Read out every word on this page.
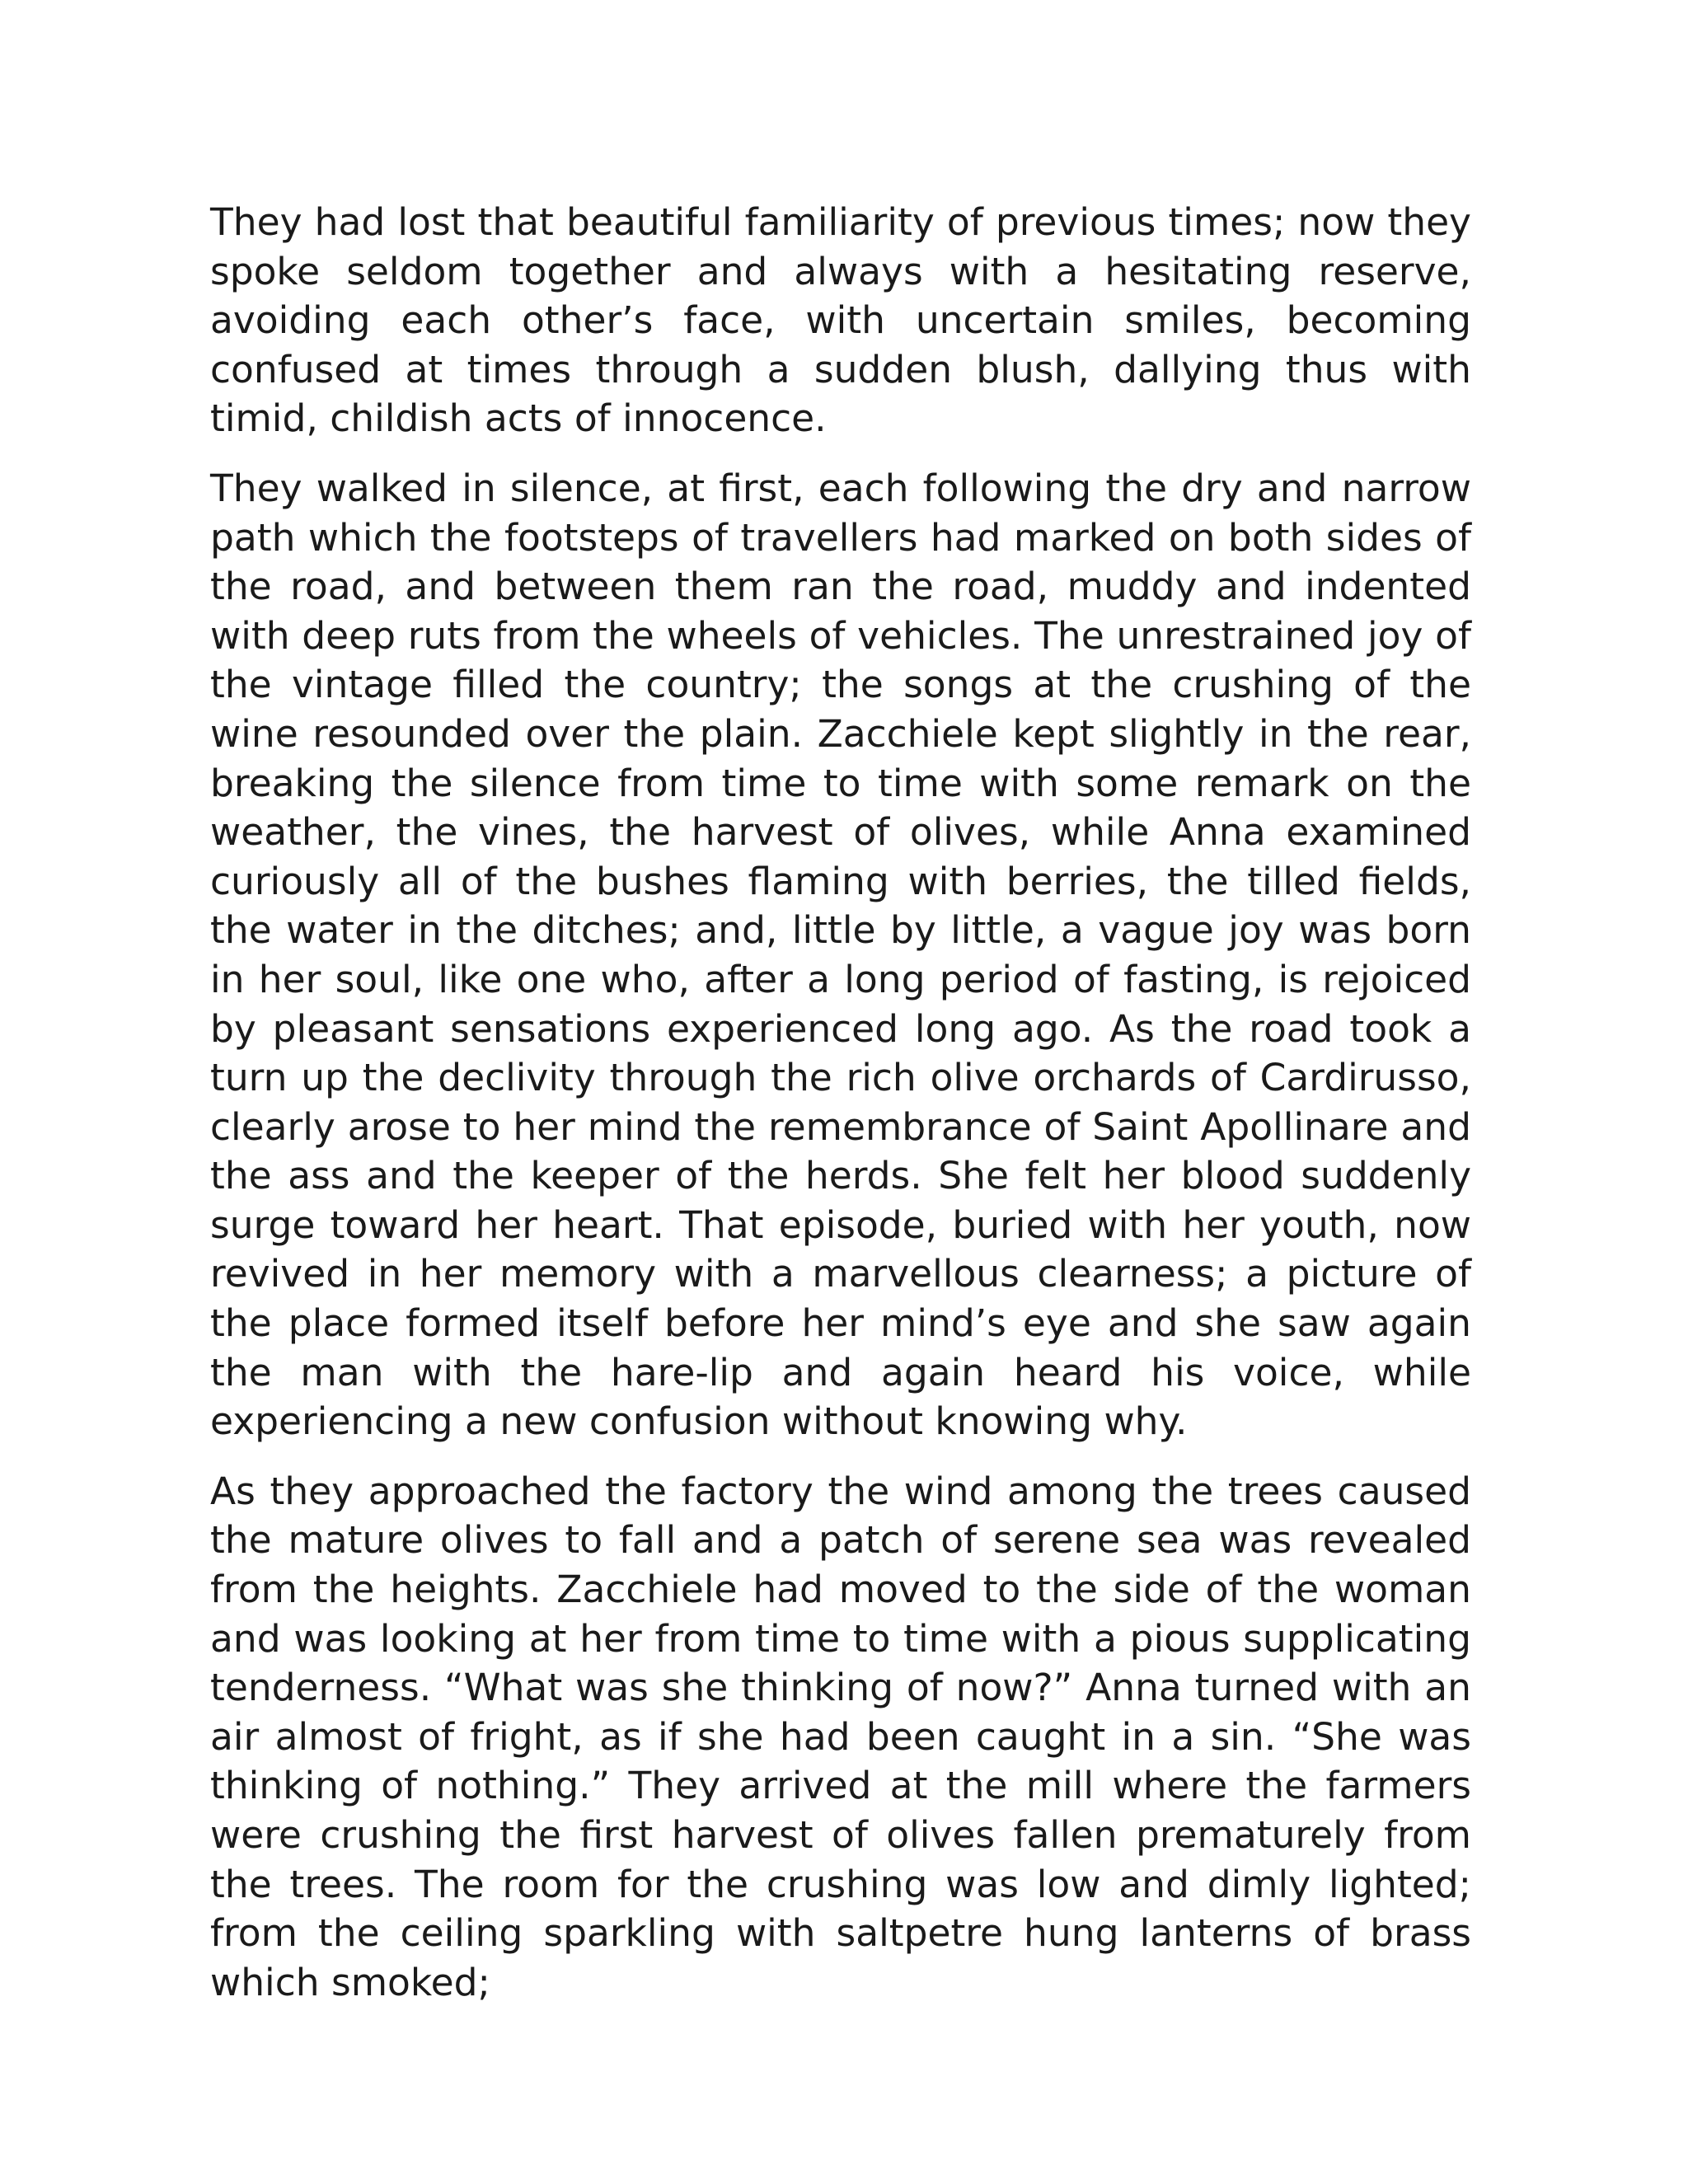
They had lost that beautiful familiarity of previous times; now they spoke seldom together and always with a hesitating reserve, avoiding each other’s face, with uncertain smiles, becoming confused at times through a sudden blush, dallying thus with timid, childish acts of innocence.

They walked in silence, at first, each following the dry and narrow path which the footsteps of travellers had marked on both sides of the road, and between them ran the road, muddy and indented with deep ruts from the wheels of vehicles. The unrestrained joy of the vintage filled the country; the songs at the crushing of the wine resounded over the plain. Zacchiele kept slightly in the rear, breaking the silence from time to time with some remark on the weather, the vines, the harvest of olives, while Anna examined curiously all of the bushes flaming with berries, the tilled fields, the water in the ditches; and, little by little, a vague joy was born in her soul, like one who, after a long period of fasting, is rejoiced by pleasant sensations experienced long ago. As the road took a turn up the declivity through the rich olive orchards of Cardirusso, clearly arose to her mind the remembrance of Saint Apollinare and the ass and the keeper of the herds. She felt her blood suddenly surge toward her heart. That episode, buried with her youth, now revived in her memory with a marvellous clearness; a picture of the place formed itself before her mind’s eye and she saw again the man with the hare-lip and again heard his voice, while experiencing a new confusion without knowing why.

As they approached the factory the wind among the trees caused the mature olives to fall and a patch of serene sea was revealed from the heights. Zacchiele had moved to the side of the woman and was looking at her from time to time with a pious supplicating tenderness. “What was she thinking of now?” Anna turned with an air almost of fright, as if she had been caught in a sin. “She was thinking of nothing.” They arrived at the mill where the farmers were crushing the first harvest of olives fallen prematurely from the trees. The room for the crushing was low and dimly lighted; from the ceiling sparkling with saltpetre hung lanterns of brass which smoked;
